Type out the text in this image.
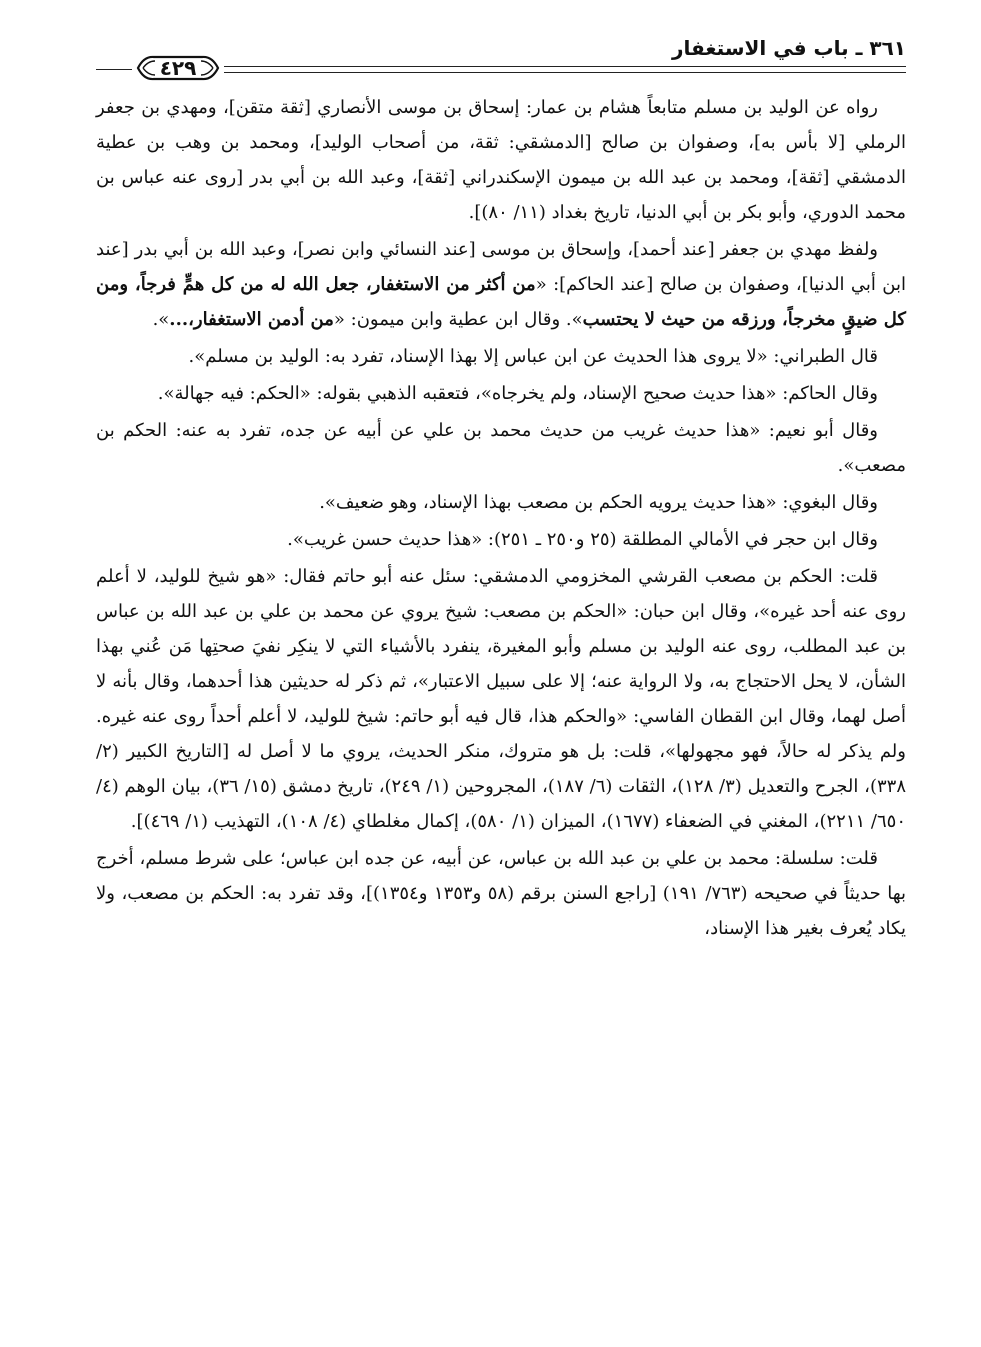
٣٦١ ـ باب في الاستغفار
٤٢٩

رواه عن الوليد بن مسلم متابعاً هشام بن عمار: إسحاق بن موسى الأنصاري [ثقة متقن]، ومهدي بن جعفر الرملي [لا بأس به]، وصفوان بن صالح [الدمشقي: ثقة، من أصحاب الوليد]، ومحمد بن وهب بن عطية الدمشقي [ثقة]، ومحمد بن عبد الله بن ميمون الإسكندراني [ثقة]، وعبد الله بن أبي بدر [روى عنه عباس بن محمد الدوري، وأبو بكر بن أبي الدنيا، تاريخ بغداد (١١/ ٨٠)].

ولفظ مهدي بن جعفر [عند أحمد]، وإسحاق بن موسى [عند النسائي وابن نصر]، وعبد الله بن أبي بدر [عند ابن أبي الدنيا]، وصفوان بن صالح [عند الحاكم]: «من أكثر من الاستغفار، جعل الله له من كل همٍّ فرجاً، ومن كل ضيقٍ مخرجاً، ورزقه من حيث لا يحتسب». وقال ابن عطية وابن ميمون: «من أدمن الاستغفار،...».

قال الطبراني: «لا يروى هذا الحديث عن ابن عباس إلا بهذا الإسناد، تفرد به: الوليد بن مسلم».

وقال الحاكم: «هذا حديث صحيح الإسناد، ولم يخرجاه»، فتعقبه الذهبي بقوله: «الحكم: فيه جهالة».

وقال أبو نعيم: «هذا حديث غريب من حديث محمد بن علي عن أبيه عن جده، تفرد به عنه: الحكم بن مصعب».

وقال البغوي: «هذا حديث يرويه الحكم بن مصعب بهذا الإسناد، وهو ضعيف».

وقال ابن حجر في الأمالي المطلقة (٢٥ و٢٥٠ ـ ٢٥١): «هذا حديث حسن غريب».

قلت: الحكم بن مصعب القرشي المخزومي الدمشقي: سئل عنه أبو حاتم فقال: «هو شيخ للوليد، لا أعلم روى عنه أحد غيره»، وقال ابن حبان: «الحكم بن مصعب: شيخ يروي عن محمد بن علي بن عبد الله بن عباس بن عبد المطلب، روى عنه الوليد بن مسلم وأبو المغيرة، ينفرد بالأشياء التي لا ينكِر نفيَ صحتِها مَن عُني بهذا الشأن، لا يحل الاحتجاج به، ولا الرواية عنه؛ إلا على سبيل الاعتبار»، ثم ذكر له حديثين هذا أحدهما، وقال بأنه لا أصل لهما، وقال ابن القطان الفاسي: «والحكم هذا، قال فيه أبو حاتم: شيخ للوليد، لا أعلم أحداً روى عنه غيره. ولم يذكر له حالاً، فهو مجهولها»، قلت: بل هو متروك، منكر الحديث، يروي ما لا أصل له [التاريخ الكبير (٢/ ٣٣٨)، الجرح والتعديل (٣/ ١٢٨)، الثقات (٦/ ١٨٧)، المجروحين (١/ ٢٤٩)، تاريخ دمشق (١٥/ ٣٦)، بيان الوهم (٤/ ٦٥٠/ ٢٢١١)، المغني في الضعفاء (١٦٧٧)، الميزان (١/ ٥٨٠)، إكمال مغلطاي (٤/ ١٠٨)، التهذيب (١/ ٤٦٩)].

قلت: سلسلة: محمد بن علي بن عبد الله بن عباس، عن أبيه، عن جده ابن عباس؛ على شرط مسلم، أخرج بها حديثاً في صحيحه (٧٦٣/ ١٩١) [راجع السنن برقم (٥٨ و١٣٥٣ و١٣٥٤)]، وقد تفرد به: الحكم بن مصعب، ولا يكاد يُعرف بغير هذا الإسناد،
